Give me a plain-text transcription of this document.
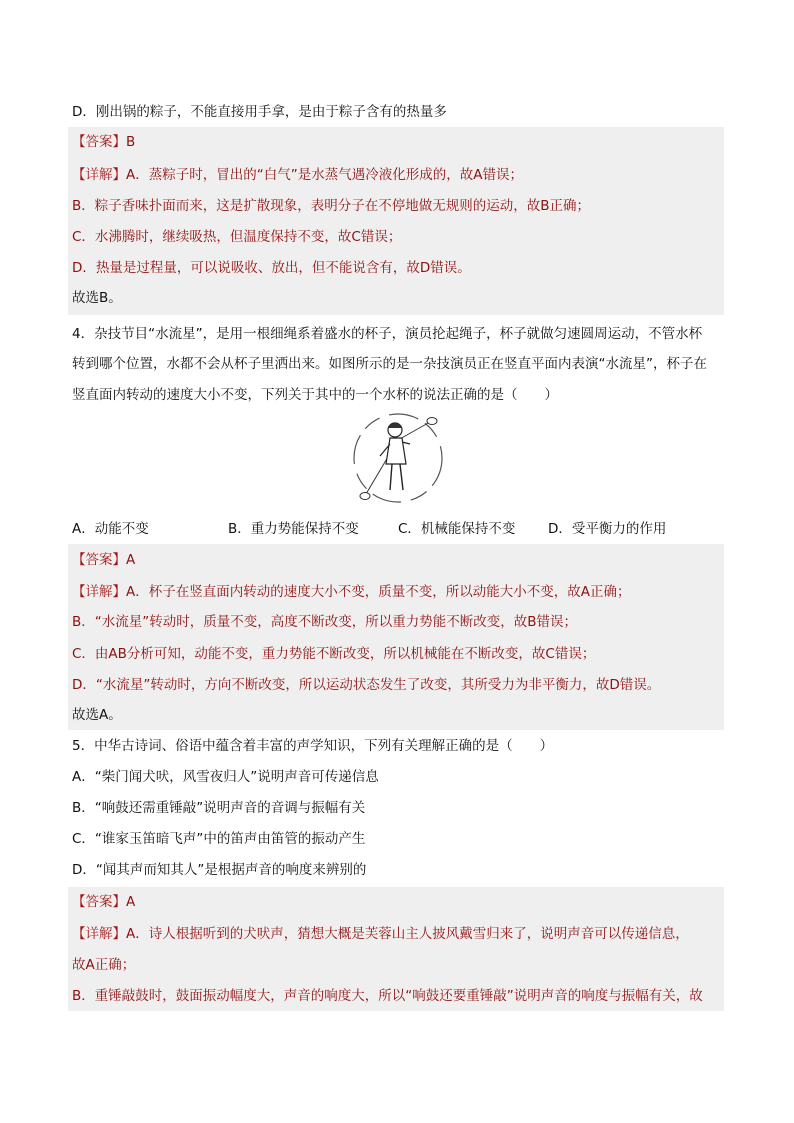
D．刚出锅的粽子，不能直接用手拿，是由于粽子含有的热量多
【答案】B
【详解】A．蒸粽子时，冒出的“白气”是水蒸气遇冷液化形成的，故A错误；
B．粽子香味扑面而来，这是扩散现象，表明分子在不停地做无规则的运动，故B正确；
C．水沸腾时，继续吸热，但温度保持不变，故C错误；
D．热量是过程量，可以说吸收、放出，但不能说含有，故D错误。
故选B。
4．杂技节目“水流星”，是用一根细绳系着盛水的杯子，演员抡起绳子，杯子就做匀速圆周运动，不管水杯
转到哪个位置，水都不会从杯子里洒出来。如图所示的是一杂技演员正在竖直平面内表演“水流星”，杯子在
竖直面内转动的速度大小不变，下列关于其中的一个水杯的说法正确的是（　　）
A．动能不变	B．重力势能保持不变	C．机械能保持不变 D．受平衡力的作用
【答案】A
【详解】A．杯子在竖直面内转动的速度大小不变，质量不变，所以动能大小不变，故A正确；
B．“水流星”转动时，质量不变，高度不断改变，所以重力势能不断改变，故B错误；
C．由AB分析可知，动能不变，重力势能不断改变，所以机械能在不断改变，故C错误；
D．“水流星”转动时，方向不断改变，所以运动状态发生了改变，其所受力为非平衡力，故D错误。
故选A。
5．中华古诗词、俗语中蕴含着丰富的声学知识，下列有关理解正确的是（　　）
A．“柴门闻犬吠，风雪夜归人”说明声音可传递信息
B．“响鼓还需重锤敲”说明声音的音调与振幅有关
C．“谁家玉笛暗飞声”中的笛声由笛管的振动产生
D．“闻其声而知其人”是根据声音的响度来辨别的
【答案】A
【详解】A．诗人根据听到的犬吠声，猜想大概是芙蓉山主人披风戴雪归来了，说明声音可以传递信息，
故A正确；
B．重锤敲鼓时，鼓面振动幅度大，声音的响度大，所以“响鼓还要重锤敲”说明声音的响度与振幅有关，故
